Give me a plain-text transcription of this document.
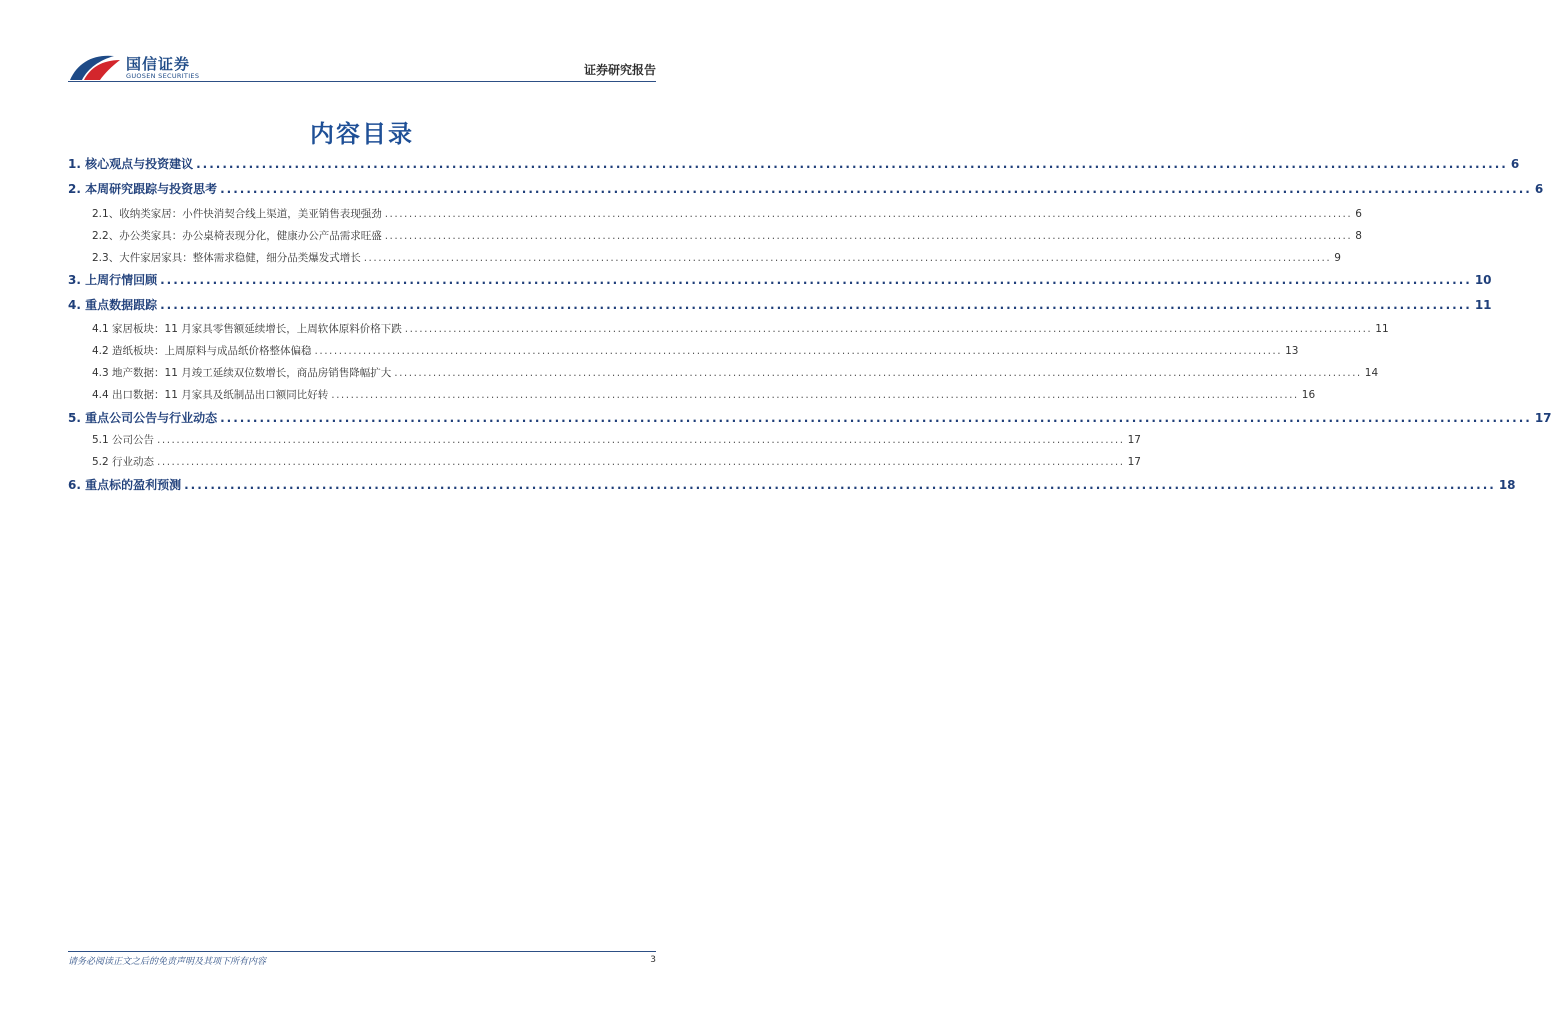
国信证券
GUOSEN SECURITIES	证券研究报告
内容目录
1. 核心观点与投资建议 ........................................................................................................................................................................................................ 6
2. 本周研究跟踪与投资思考 ........................................................................................................................................................................................................ 6
2.1、收纳类家居：小件快消契合线上渠道，美亚销售表现强劲 ........................................................................................................................................................................................................ 6
2.2、办公类家具：办公桌椅表现分化，健康办公产品需求旺盛 ........................................................................................................................................................................................................ 8
2.3、大件家居家具：整体需求稳健，细分品类爆发式增长 ........................................................................................................................................................................................................ 9
3. 上周行情回顾 ........................................................................................................................................................................................................ 10
4. 重点数据跟踪 ........................................................................................................................................................................................................ 11
4.1 家居板块：11 月家具零售额延续增长，上周软体原料价格下跌 ........................................................................................................................................................................................................ 11
4.2 造纸板块：上周原料与成品纸价格整体偏稳 ........................................................................................................................................................................................................ 13
4.3 地产数据：11 月竣工延续双位数增长，商品房销售降幅扩大 ........................................................................................................................................................................................................ 14
4.4 出口数据：11 月家具及纸制品出口额同比好转 ........................................................................................................................................................................................................ 16
5. 重点公司公告与行业动态 ........................................................................................................................................................................................................ 17
5.1 公司公告 ........................................................................................................................................................................................................ 17
5.2 行业动态 ........................................................................................................................................................................................................ 17
6. 重点标的盈利预测 ........................................................................................................................................................................................................ 18
请务必阅读正文之后的免责声明及其项下所有内容	3
